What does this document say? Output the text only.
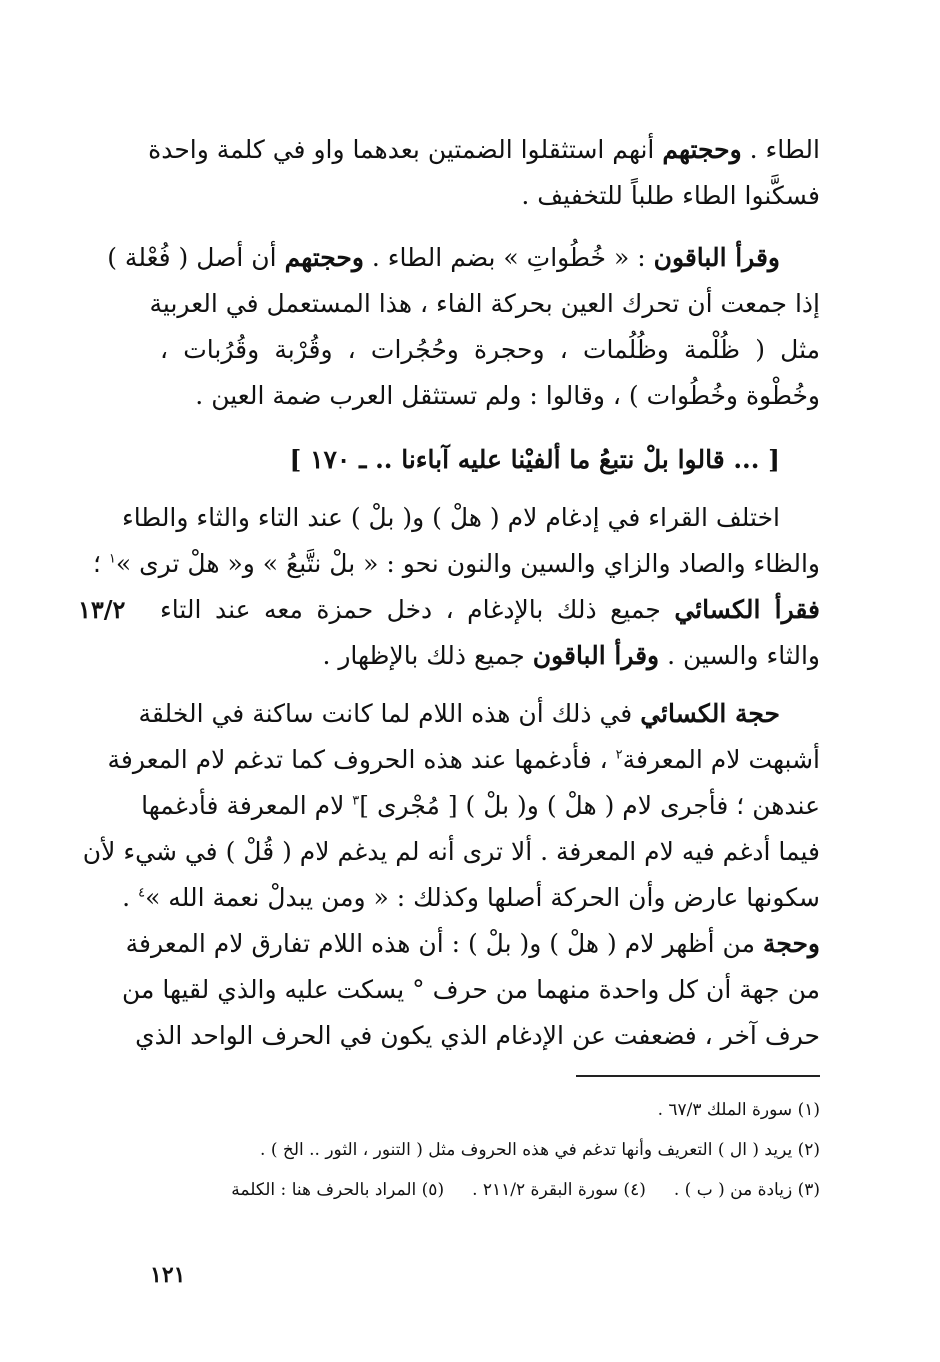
الطاء . وحجتهم أنهم استثقلوا الضمتين بعدهما واو في كلمة واحدة
فسكَّنوا الطاء طلباً للتخفيف .
وقرأ الباقون : « خُطُواتِ » بضم الطاء . وحجتهم أن أصل ( فُعْلة )
إذا جمعت أن تحرك العين بحركة الفاء ، هذا المستعمل في العربية
مثل ( ظُلْمة وظُلُمات ، وحجرة وحُجُرات ، وقُرْبة وقُرُبات ،
وخُطْوة وخُطُوات ) ، وقالوا : ولم تستثقل العرب ضمة العين .
[ ... قالوا بلْ نتبعُ ما ألفيْنا عليه آباءنا .. ـ ١٧٠ ]
اختلف القراء في إدغام لام ( هلْ ) و( بلْ ) عند التاء والثاء والطاء
والظاء والصاد والزاي والسين والنون نحو : « بلْ نتَّبعُ » و« هلْ ترى »$^١$ ؛
فقرأ الكسائي جميع ذلك بالإدغام ، دخل حمزة معه عند التاء
١٣/٢
والثاء والسين . وقرأ الباقون جميع ذلك بالإظهار .
حجة الكسائي في ذلك أن هذه اللام لما كانت ساكنة في الخلقة
أشبهت لام المعرفة$^٢$ ، فأدغمها عند هذه الحروف كما تدغم لام المعرفة
عندهن ؛ فأجرى لام ( هلْ ) و( بلْ ) [ مُجْرى ]$^٣$ لام المعرفة فأدغمها
فيما أدغم فيه لام المعرفة . ألا ترى أنه لم يدغم لام ( قُلْ ) في شيء لأن
سكونها عارض وأن الحركة أصلها وكذلك : « ومن يبدلْ نعمة الله »$^٤$ .
وحجة من أظهر لام ( هلْ ) و( بلْ ) : أن هذه اللام تفارق لام المعرفة
من جهة أن كل واحدة منهما من حرف ° يسكت عليه والذي لقيها من
حرف آخر ، فضعفت عن الإدغام الذي يكون في الحرف الواحد الذي
(١) سورة الملك ٦٧/٣ .
(٢) يريد ( ال ) التعريف وأنها تدغم في هذه الحروف مثل ( التنور ، الثور .. الخ ) .
(٣) زيادة من ( ب ) .(٤) سورة البقرة ٢١١/٢ .(٥) المراد بالحرف هنا : الكلمة
١٢١
